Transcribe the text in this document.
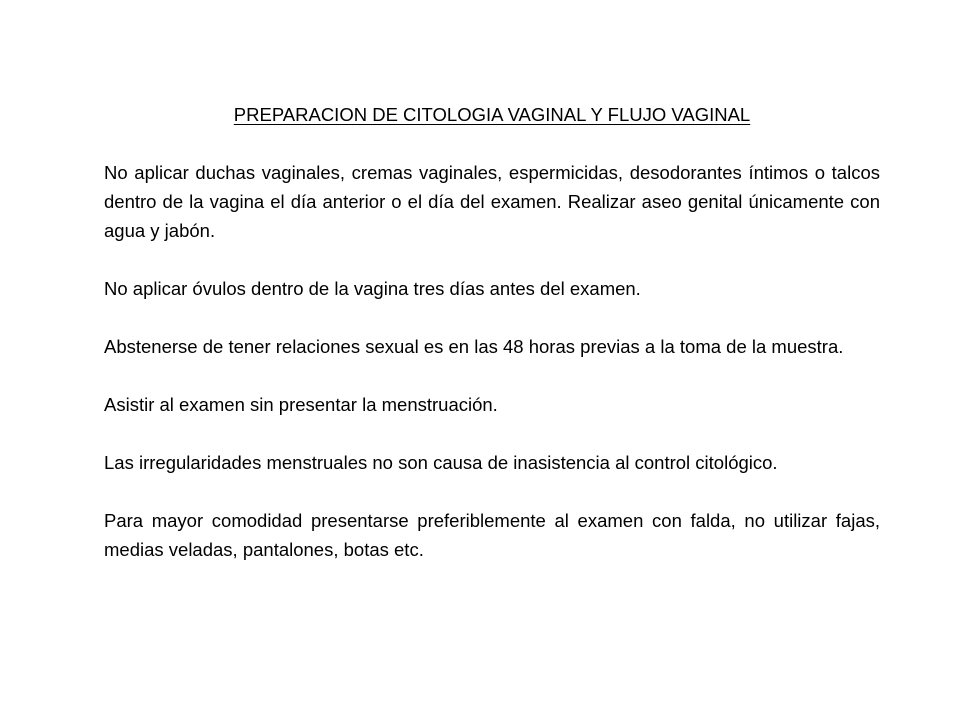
PREPARACION DE CITOLOGIA VAGINAL Y FLUJO VAGINAL

No aplicar duchas vaginales, cremas vaginales, espermicidas, desodorantes íntimos o talcos dentro de la vagina el día anterior o el día del examen. Realizar aseo genital únicamente con agua y jabón.

No aplicar óvulos dentro de la vagina tres días antes del examen.

Abstenerse de tener relaciones sexual es en las 48 horas previas a la toma de la muestra.

Asistir al examen sin presentar la menstruación.

Las irregularidades menstruales no son causa de inasistencia al control citológico.

Para mayor comodidad presentarse preferiblemente al examen con falda, no utilizar fajas, medias veladas, pantalones, botas etc.
